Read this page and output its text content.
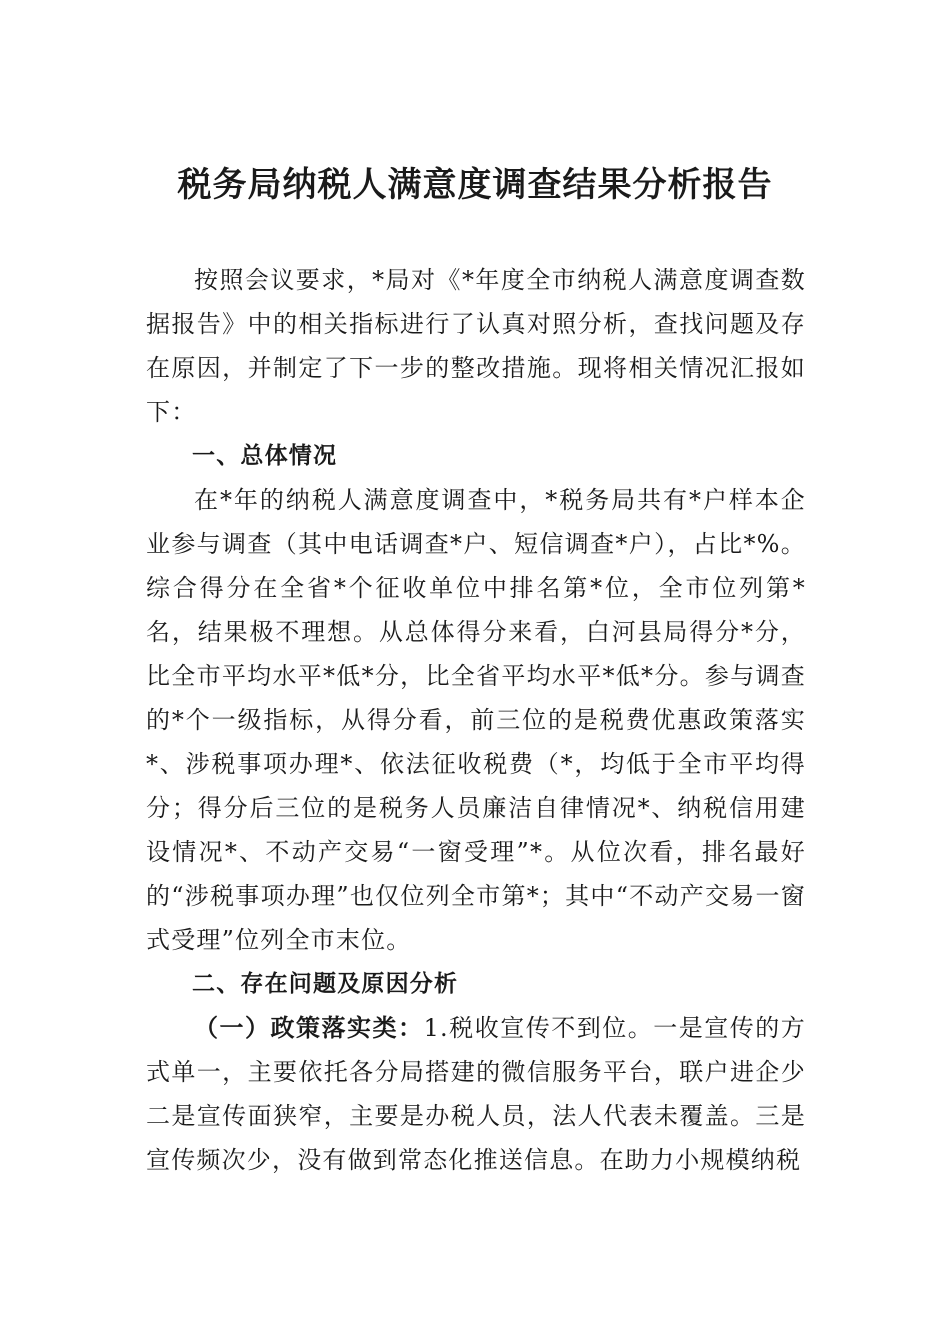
税务局纳税人满意度调查结果分析报告

按照会议要求，*局对《*年度全市纳税人满意度调查数据报告》中的相关指标进行了认真对照分析，查找问题及存在原因，并制定了下一步的整改措施。现将相关情况汇报如下：

一、总体情况

在*年的纳税人满意度调查中，*税务局共有*户样本企业参与调查（其中电话调查*户、短信调查*户），占比*%。综合得分在全省*个征收单位中排名第*位，全市位列第*名，结果极不理想。从总体得分来看，白河县局得分*分，比全市平均水平*低*分，比全省平均水平*低*分。参与调查的*个一级指标，从得分看，前三位的是税费优惠政策落实*、涉税事项办理*、依法征收税费（*，均低于全市平均得分；得分后三位的是税务人员廉洁自律情况*、纳税信用建设情况*、不动产交易“一窗受理”*。从位次看，排名最好的“涉税事项办理”也仅位列全市第*；其中“不动产交易一窗式受理”位列全市末位。

二、存在问题及原因分析

（一）政策落实类：1.税收宣传不到位。一是宣传的方式单一，主要依托各分局搭建的微信服务平台，联户进企少二是宣传面狭窄，主要是办税人员，法人代表未覆盖。三是宣传频次少，没有做到常态化推送信息。在助力小规模纳税
